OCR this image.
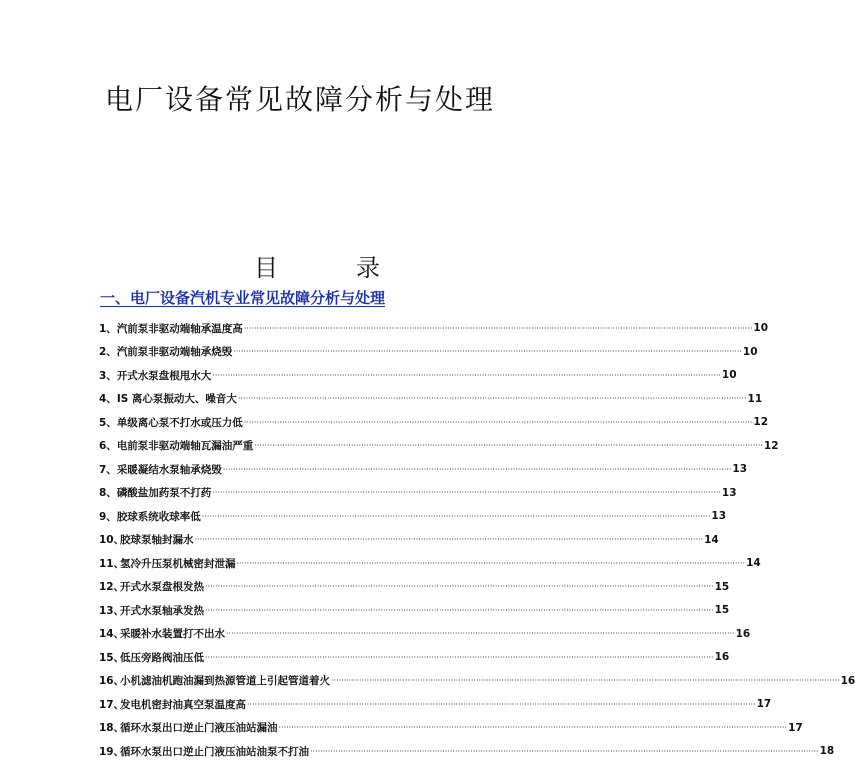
电厂设备常见故障分析与处理
目	录
一、电厂设备汽机专业常见故障分析与处理
1、 汽前泵非驱动端轴承温度高 ········································································································································································································ 10
2、 汽前泵非驱动端轴承烧毁 ········································································································································································································ 10
3、 开式水泵盘根甩水大 ········································································································································································································ 10
4、 IS 离心泵振动大、噪音大 ········································································································································································································ 11
5、 单级离心泵不打水或压力低 ········································································································································································································ 12
6、 电前泵非驱动端轴瓦漏油严重 ········································································································································································································ 12
7、 采暖凝结水泵轴承烧毁 ········································································································································································································ 13
8、 磷酸盐加药泵不打药 ········································································································································································································ 13
9、 胶球系统收球率低 ········································································································································································································ 13
10、
胶球泵轴封漏水 ········································································································································································································ 14
11、
氢冷升压泵机械密封泄漏 ········································································································································································································ 14
12、
开式水泵盘根发热 ········································································································································································································ 15
13、
开式水泵轴承发热 ········································································································································································································ 15
14、
采暖补水装置打不出水 ········································································································································································································ 16
15、
低压旁路阀油压低 ········································································································································································································ 16
16、
小机滤油机跑油漏到热源管道上引起管道着火 ········································································································································································································ 16
17、
发电机密封油真空泵温度高 ········································································································································································································ 17
18、
循环水泵出口逆止门液压油站漏油 ········································································································································································································ 17
19、
循环水泵出口逆止门液压油站油泵不打油 ········································································································································································································ 18
